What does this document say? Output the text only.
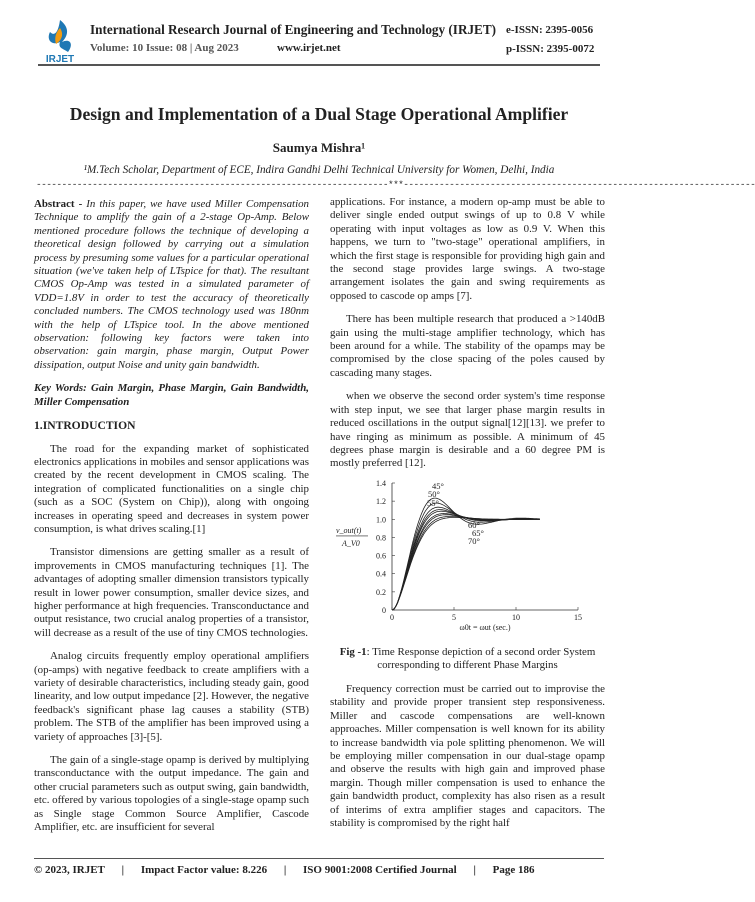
IRJET
International Research Journal of Engineering and Technology (IRJET) e-ISSN: 2395-0056
Volume: 10 Issue: 08 | Aug 2023	www.irjet.net	p-ISSN: 2395-0072
Design and Implementation of a Dual Stage Operational Amplifier
Saumya Mishra¹
¹M.Tech Scholar, Department of ECE, Indira Gandhi Delhi Technical University for Women, Delhi, India
---------------------------------------------------------------------***---------------------------------------------------------------------

Abstract - In this paper, we have used Miller Compensation Technique to amplify the gain of a 2-stage Op-Amp. Below mentioned procedure follows the technique of developing a theoretical design followed by carrying out a simulation process by presuming some values for a particular operational situation (we've taken help of LTspice for that). The resultant CMOS Op-Amp was tested in a simulated parameter of VDD=1.8V in order to test the accuracy of theoretically concluded numbers. The CMOS technology used was 180nm with the help of LTspice tool. In the above mentioned observation: following key factors were taken into observation: gain margin, phase margin, Output Power dissipation, output Noise and unity gain bandwidth.

Key Words: Gain Margin, Phase Margin, Gain Bandwidth, Miller Compensation

1.INTRODUCTION

The road for the expanding market of sophisticated electronics applications in mobiles and sensor applications was created by the recent development in CMOS scaling. The integration of complicated functionalities on a single chip (such as a SOC (System on Chip)), along with ongoing increases in operating speed and decreases in system power consumption, is what drives scaling.[1]

Transistor dimensions are getting smaller as a result of improvements in CMOS manufacturing techniques [1]. The advantages of adopting smaller dimension transistors typically result in lower power consumption, smaller device sizes, and higher performance at high frequencies. Transconductance and output resistance, two crucial analog properties of a transistor, will decrease as a result of the use of tiny CMOS technologies.

Analog circuits frequently employ operational amplifiers (op-amps) with negative feedback to create amplifiers with a variety of desirable characteristics, including steady gain, good linearity, and low output impedance [2]. However, the negative feedback's significant phase lag causes a stability (STB) problem. The STB of the amplifier has been improved using a variety of approaches [3]-[5].

The gain of a single-stage opamp is derived by multiplying transconductance with the output impedance. The gain and other crucial parameters such as output swing, gain bandwidth, etc. offered by various topologies of a single-stage opamp such as Single stage Common Source Amplifier, Cascode Amplifier, etc. are insufficient for several

applications. For instance, a modern op-amp must be able to deliver single ended output swings of up to 0.8 V while operating with input voltages as low as 0.9 V. When this happens, we turn to "two-stage" operational amplifiers, in which the first stage is responsible for providing high gain and the second stage provides large swings. A two-stage arrangement isolates the gain and swing requirements as opposed to cascode op amps [7].

There has been multiple research that produced a >140dB gain using the multi-stage amplifier technology, which has been around for a while. The stability of the opamps may be compromised by the close spacing of the poles caused by cascading many stages.

when we observe the second order system's time response with step input, we see that larger phase margin results in reduced oscillations in the output signal[12][13]. we prefer to have ringing as minimum as possible. A minimum of 45 degrees phase margin is desirable and a 60 degree PM is mostly preferred [12].

0
0.2
0.4
0.6
0.8
1.0
1.2
1.4
0	5	10	15
45°
50°
55°
60°
65°
70°
v_out(t)
A_V0
ω0t = ωut (sec.)
Fig -1: Time Response depiction of a second order System corresponding to different Phase Margins

Frequency correction must be carried out to improvise the stability and provide proper transient step responsiveness. Miller and cascode compensations are well-known approaches. Miller compensation is well known for its ability to increase bandwidth via pole splitting phenomenon. We will be employing miller compensation in our dual-stage opamp and observe the results with high gain and improved phase margin. Though miller compensation is used to enhance the gain bandwidth product, complexity has also risen as a result of interims of extra amplifier stages and capacitors. The stability is compromised by the right half

© 2023, IRJET | Impact Factor value: 8.226 | ISO 9001:2008 Certified Journal | Page 186
